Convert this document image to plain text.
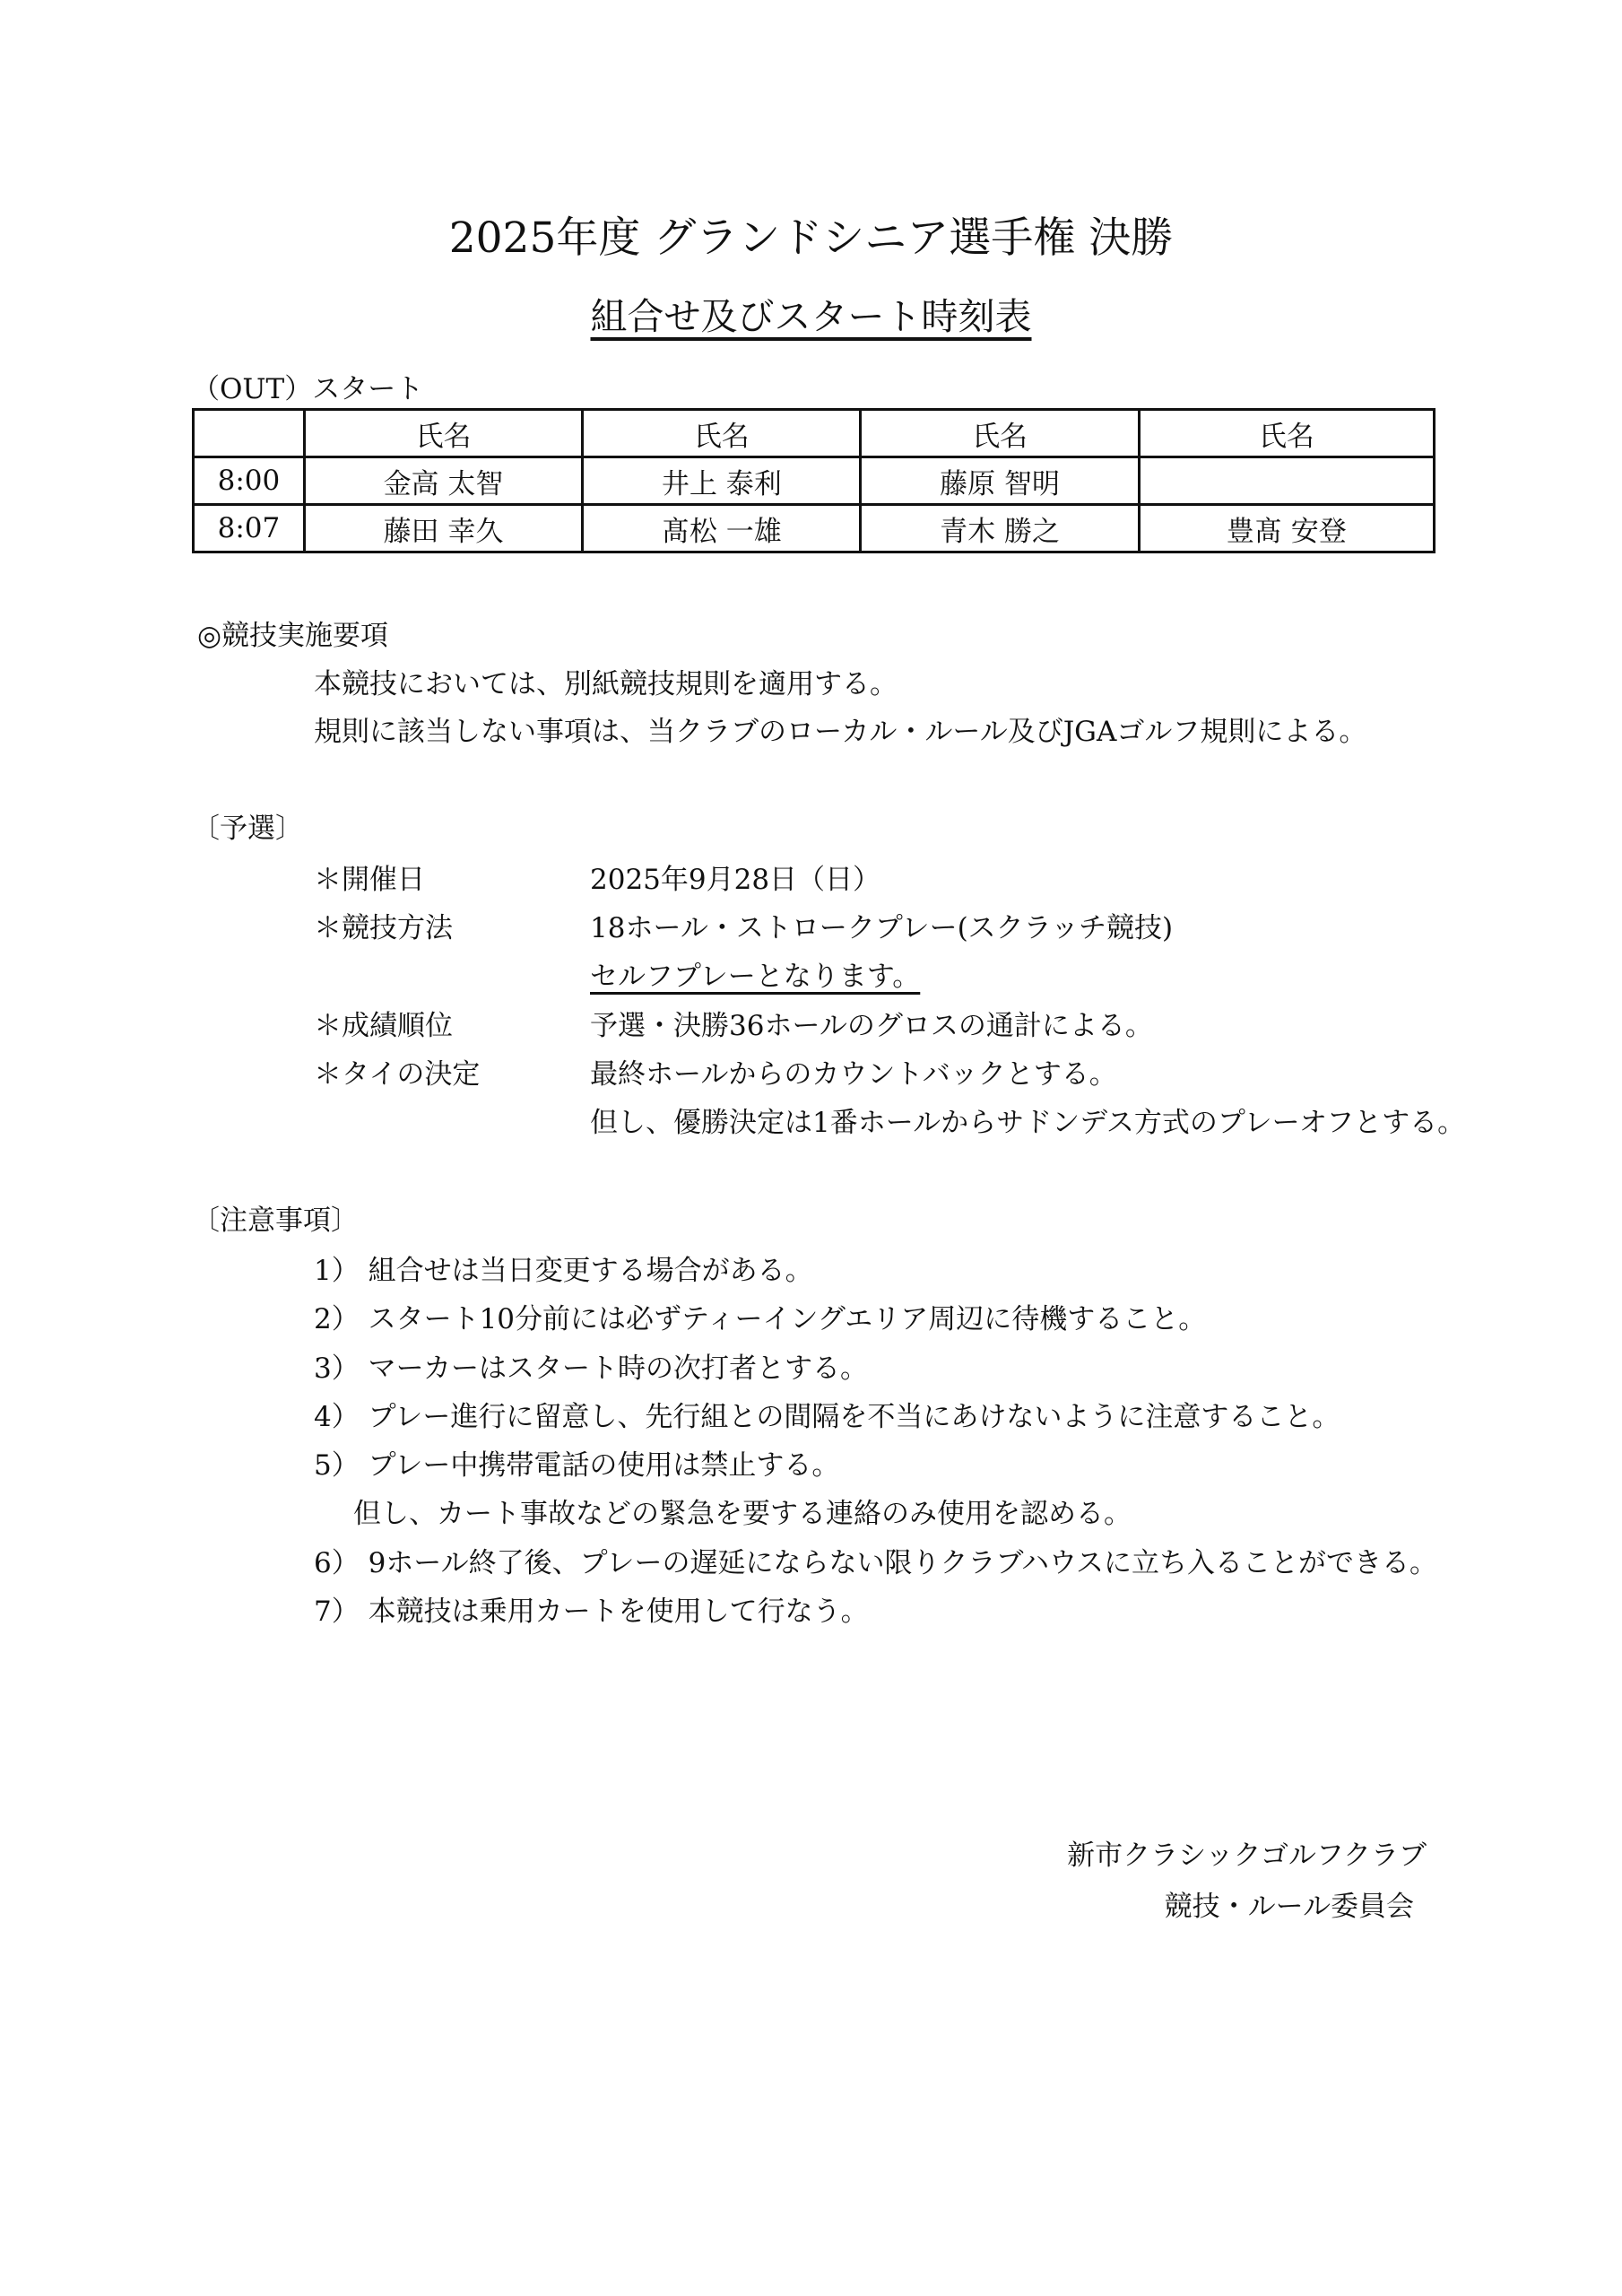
2025年度 グランドシニア選手権 決勝
組合せ及びスタート時刻表
（OUT）スタート
	氏名	氏名	氏名	氏名
8:00	金高 太智	井上 泰利	藤原 智明	
8:07	藤田 幸久	髙松 一雄	青木 勝之	豊髙 安登
◎競技実施要項
本競技においては、別紙競技規則を適用する。
規則に該当しない事項は、当クラブのローカル・ルール及びJGAゴルフ規則による。
〔予選〕
＊開催日	2025年9月28日（日）
＊競技方法	18ホール・ストロークプレー(スクラッチ競技)
セルフプレーとなります。
＊成績順位	予選・決勝36ホールのグロスの通計による。
＊タイの決定	最終ホールからのカウントバックとする。
但し、優勝決定は1番ホールからサドンデス方式のプレーオフとする。
〔注意事項〕
1） 組合せは当日変更する場合がある。
2） スタート10分前には必ずティーイングエリア周辺に待機すること。
3） マーカーはスタート時の次打者とする。
4） プレー進行に留意し、先行組との間隔を不当にあけないように注意すること。
5） プレー中携帯電話の使用は禁止する。
但し、カート事故などの緊急を要する連絡のみ使用を認める。
6） 9ホール終了後、プレーの遅延にならない限りクラブハウスに立ち入ることができる。
7） 本競技は乗用カートを使用して行なう。
新市クラシックゴルフクラブ
競技・ルール委員会
